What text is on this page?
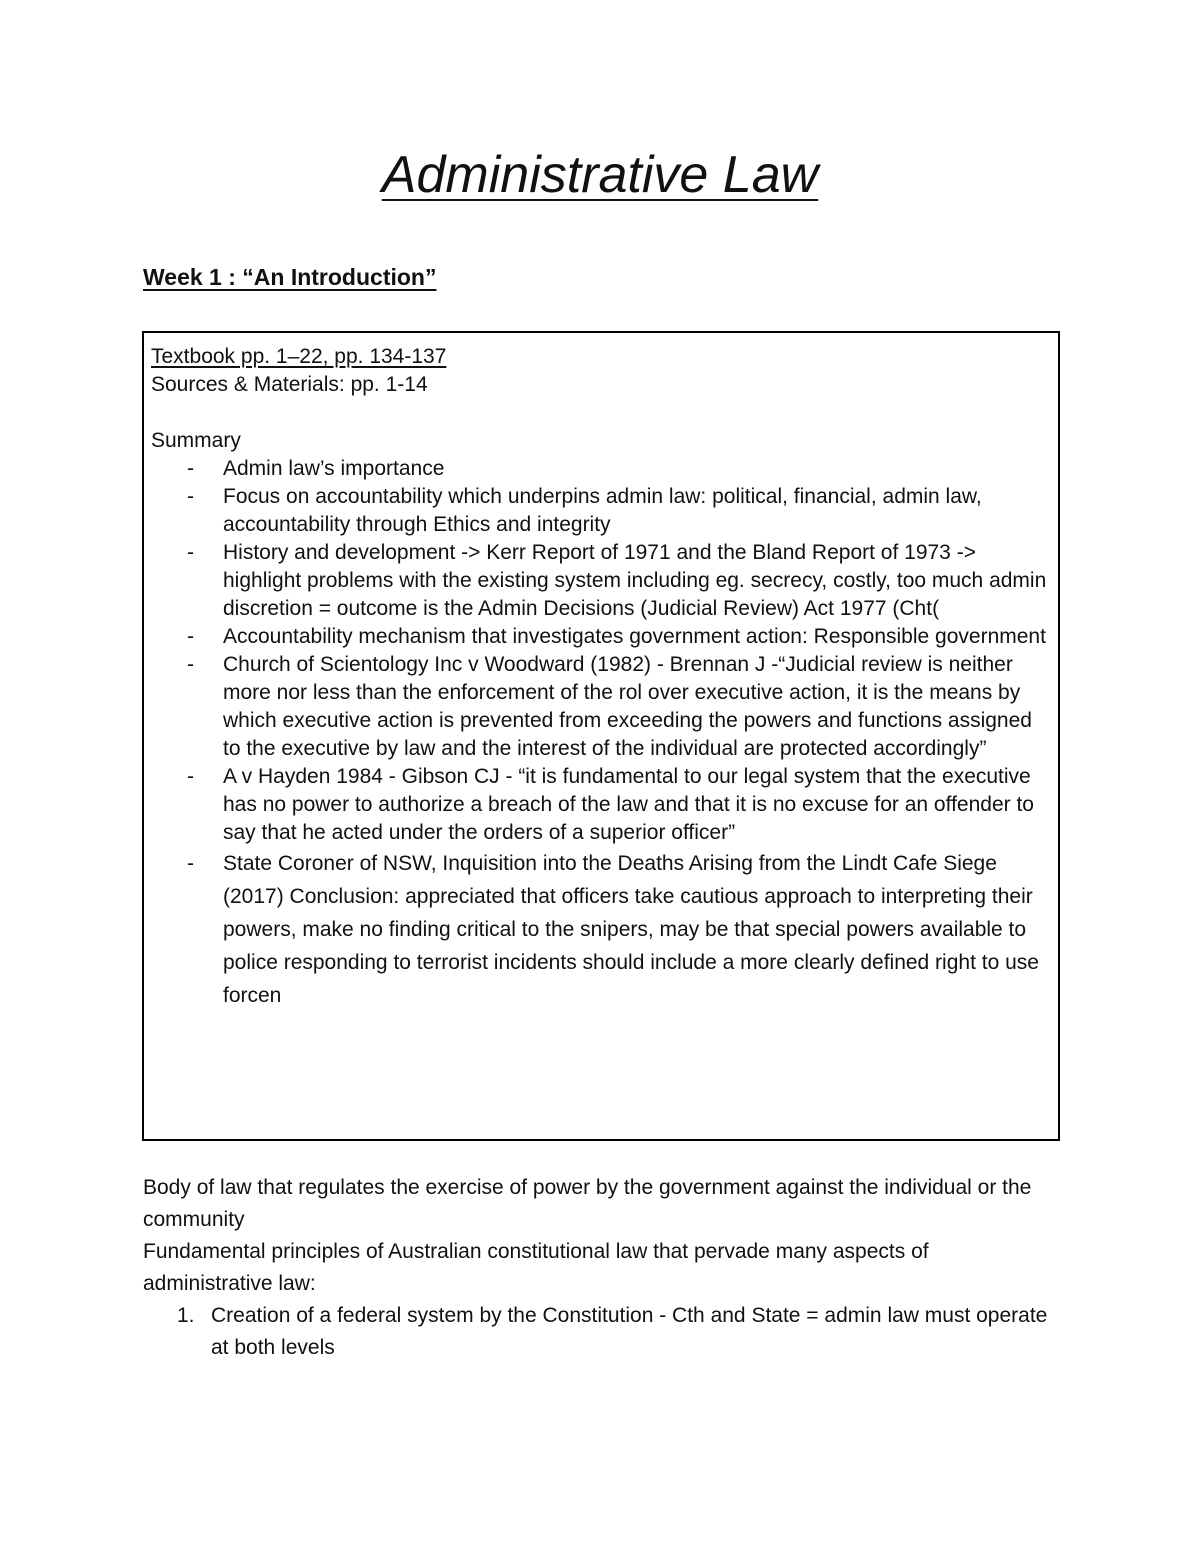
Administrative Law
Week 1 : “An Introduction”

Textbook pp. 1–22, pp. 134-137

Sources & Materials: pp. 1-14

Summary

- Admin law’s importance
- Focus on accountability which underpins admin law: political, financial, admin law, accountability through Ethics and integrity
- History and development -> Kerr Report of 1971 and the Bland Report of 1973 -> highlight problems with the existing system including eg. secrecy, costly, too much admin discretion = outcome is the Admin Decisions (Judicial Review) Act 1977 (Cht(
- Accountability mechanism that investigates government action: Responsible government
- Church of Scientology Inc v Woodward (1982) - Brennan J -“Judicial review is neither more nor less than the enforcement of the rol over executive action, it is the means by which executive action is prevented from exceeding the powers and functions assigned to the executive by law and the interest of the individual are protected accordingly”
- A v Hayden 1984 - Gibson CJ - “it is fundamental to our legal system that the executive has no power to authorize a breach of the law and that it is no excuse for an offender to say that he acted under the orders of a superior officer”
- State Coroner of NSW, Inquisition into the Deaths Arising from the Lindt Cafe Siege (2017) Conclusion: appreciated that officers take cautious approach to interpreting their powers, make no finding critical to the snipers, may be that special powers available to police responding to terrorist incidents should include a more clearly defined right to use forcen

Body of law that regulates the exercise of power by the government against the individual or the community

Fundamental principles of Australian constitutional law that pervade many aspects of administrative law:

1. Creation of a federal system by the Constitution - Cth and State = admin law must operate at both levels
